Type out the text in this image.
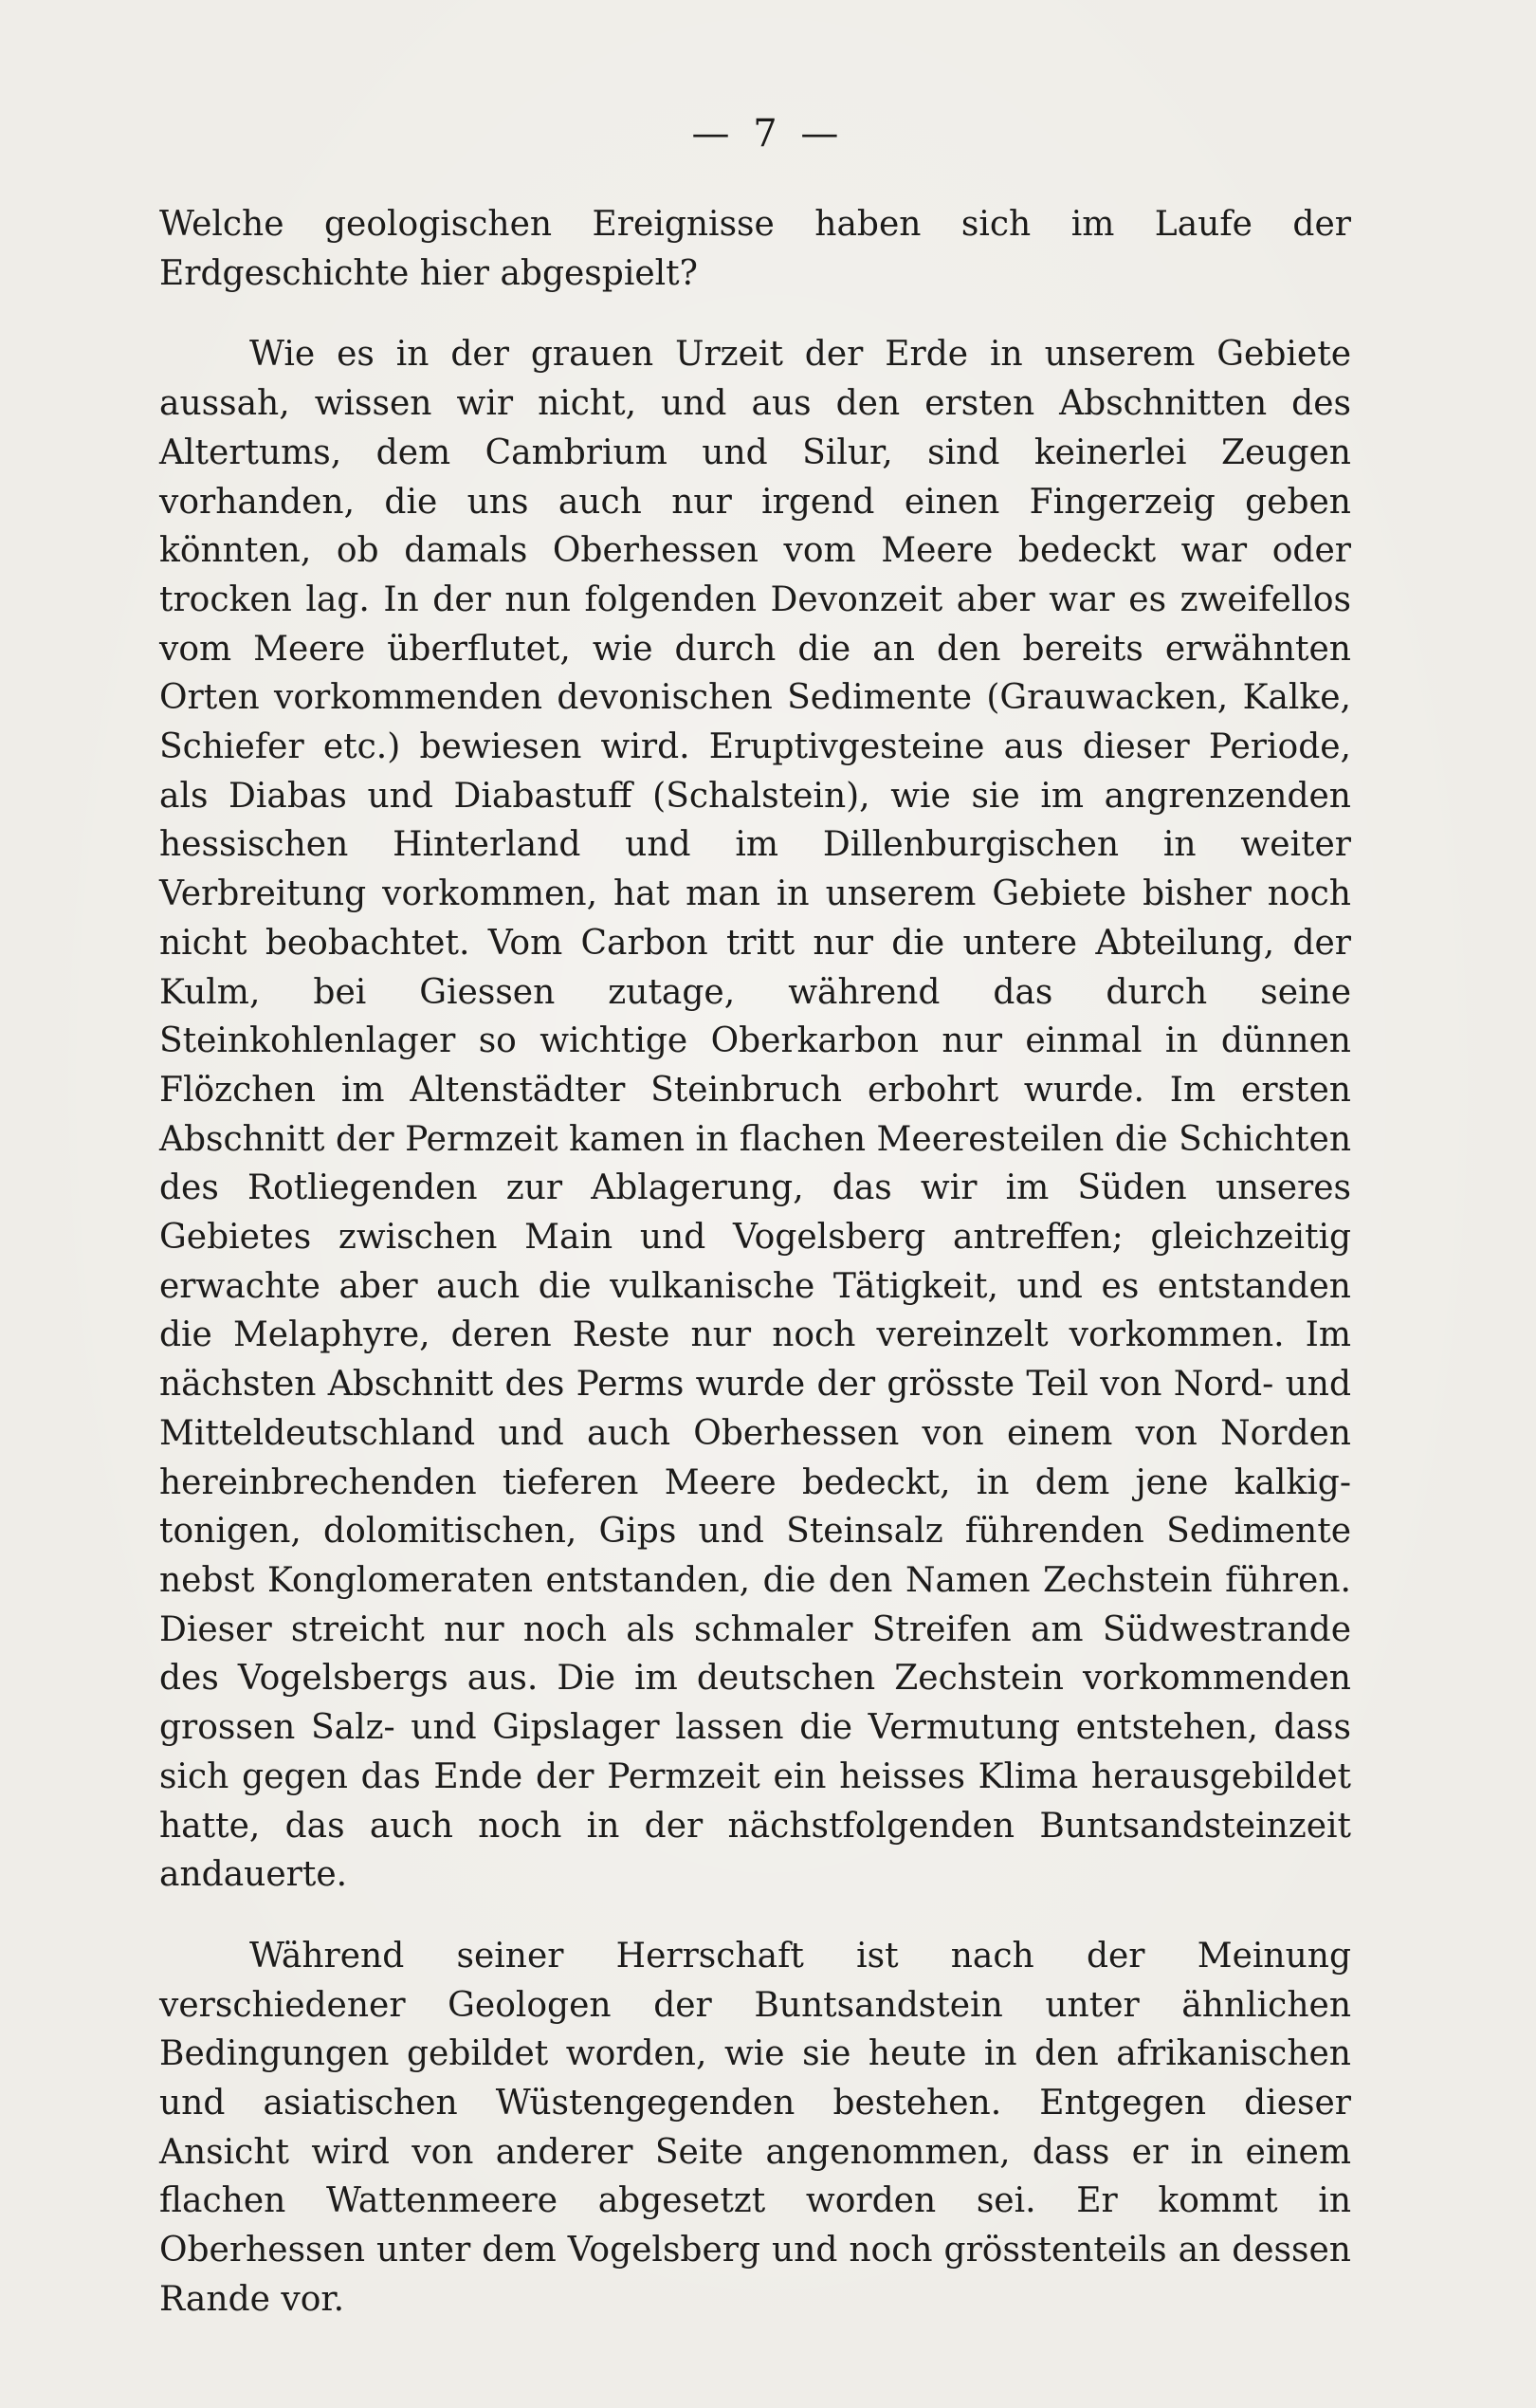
— 7 —

Welche geologischen Ereignisse haben sich im Laufe der Erdgeschichte hier abgespielt?

Wie es in der grauen Urzeit der Erde in unserem Gebiete aussah, wissen wir nicht, und aus den ersten Abschnitten des Altertums, dem Cambrium und Silur, sind keinerlei Zeugen vorhanden, die uns auch nur irgend einen Fingerzeig geben könnten, ob damals Oberhessen vom Meere bedeckt war oder trocken lag. In der nun folgenden Devonzeit aber war es zweifellos vom Meere überflutet, wie durch die an den bereits erwähnten Orten vorkommenden devonischen Sedimente (Grauwacken, Kalke, Schiefer etc.) bewiesen wird. Eruptivgesteine aus dieser Periode, als Diabas und Diabastuff (Schalstein), wie sie im angrenzenden hessischen Hinterland und im Dillenburgischen in weiter Verbreitung vorkommen, hat man in unserem Gebiete bisher noch nicht beobachtet. Vom Carbon tritt nur die untere Abteilung, der Kulm, bei Giessen zutage, während das durch seine Steinkohlenlager so wichtige Oberkarbon nur einmal in dünnen Flözchen im Altenstädter Steinbruch erbohrt wurde. Im ersten Abschnitt der Permzeit kamen in flachen Meeresteilen die Schichten des Rotliegenden zur Ablagerung, das wir im Süden unseres Gebietes zwischen Main und Vogelsberg antreffen; gleichzeitig erwachte aber auch die vulkanische Tätigkeit, und es entstanden die Melaphyre, deren Reste nur noch vereinzelt vorkommen. Im nächsten Abschnitt des Perms wurde der grösste Teil von Nord- und Mitteldeutschland und auch Oberhessen von einem von Norden hereinbrechenden tieferen Meere bedeckt, in dem jene kalkig-tonigen, dolomitischen, Gips und Steinsalz führenden Sedimente nebst Konglomeraten entstanden, die den Namen Zechstein führen. Dieser streicht nur noch als schmaler Streifen am Südwestrande des Vogelsbergs aus. Die im deutschen Zechstein vorkommenden grossen Salz- und Gipslager lassen die Vermutung entstehen, dass sich gegen das Ende der Permzeit ein heisses Klima herausgebildet hatte, das auch noch in der nächstfolgenden Buntsandsteinzeit andauerte.

Während seiner Herrschaft ist nach der Meinung verschiedener Geologen der Buntsandstein unter ähnlichen Bedingungen gebildet worden, wie sie heute in den afrikanischen und asiatischen Wüstengegenden bestehen. Entgegen dieser Ansicht wird von anderer Seite angenommen, dass er in einem flachen Wattenmeere abgesetzt worden sei. Er kommt in Oberhessen unter dem Vogelsberg und noch grösstenteils an dessen Rande vor.
